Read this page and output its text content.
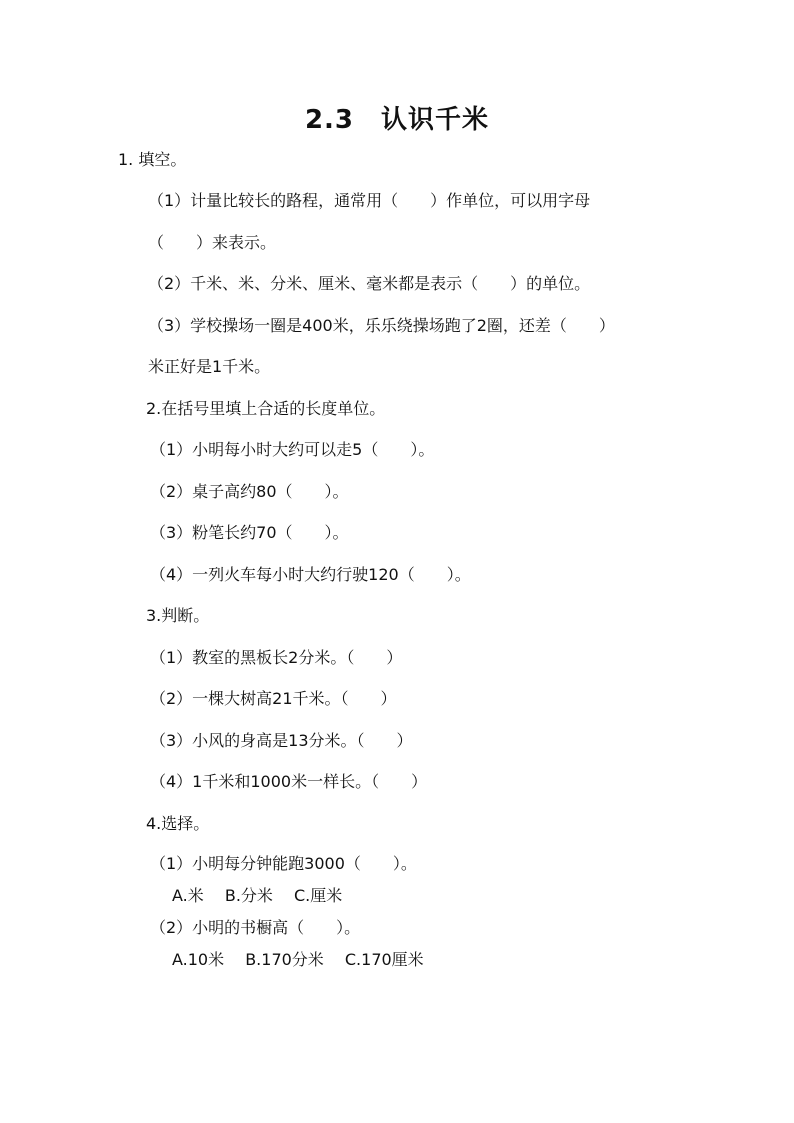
2.3　认识千米
1. 填空。
（1）计量比较长的路程，通常用（　　）作单位，可以用字母
（　　）来表示。
（2）千米、米、分米、厘米、毫米都是表示（　　）的单位。
（3）学校操场一圈是400米，乐乐绕操场跑了2圈，还差（　　）
米正好是1千米。
2.在括号里填上合适的长度单位。
（1）小明每小时大约可以走5（　　）。
（2）桌子高约80（　　）。
（3）粉笔长约70（　　）。
（4）一列火车每小时大约行驶120（　　）。
3.判断。
（1）教室的黑板长2分米。（　　）
（2）一棵大树高21千米。（　　）
（3）小风的身高是13分米。（　　）
（4）1千米和1000米一样长。（　　）
4.选择。
（1）小明每分钟能跑3000（　　）。
A.米　 B.分米　 C.厘米
（2）小明的书橱高（　　）。
A.10米　 B.170分米　 C.170厘米
